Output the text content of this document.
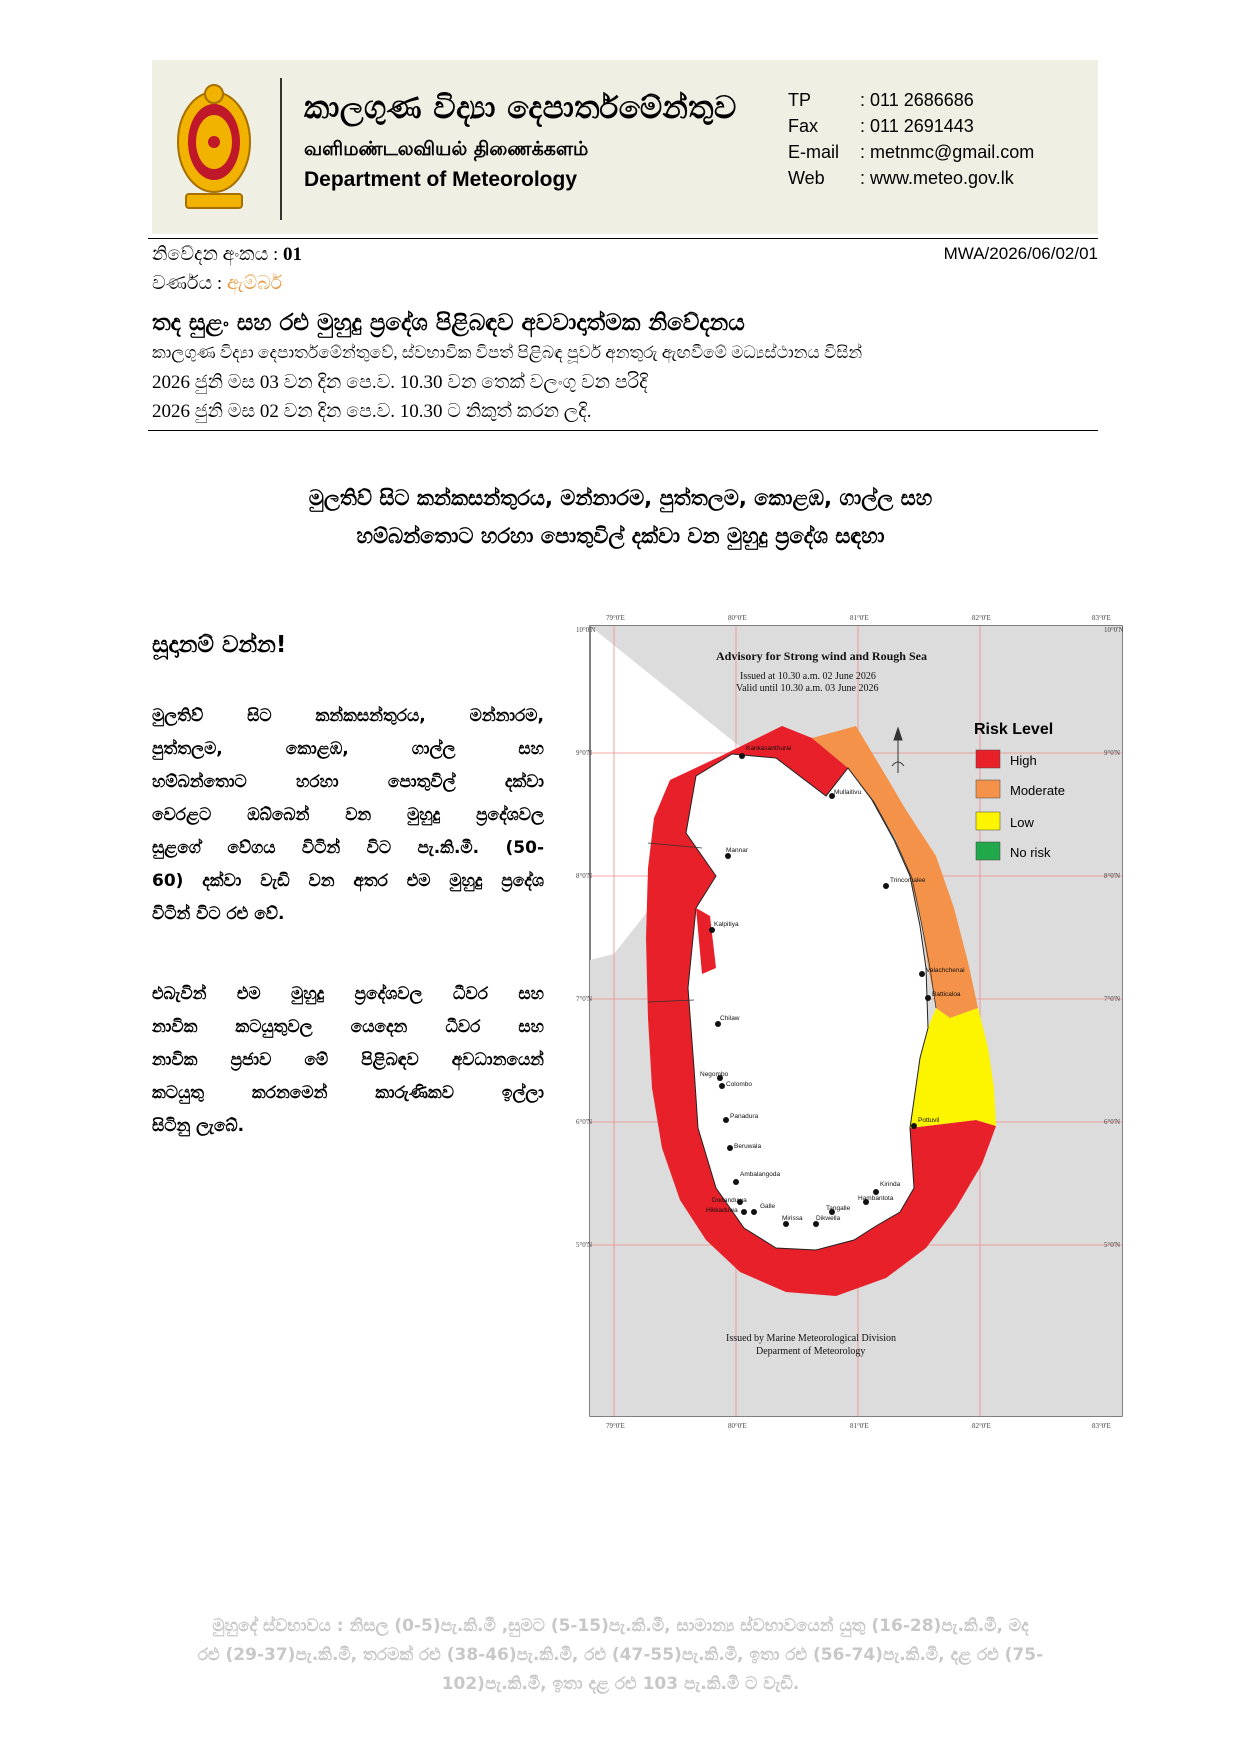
කාලගුණ විද්‍යා දෙපාර්තමේන්තුව
வளிமண்டலவியல் திணைக்களம்
Department of Meteorology
TP	: 011 2686686
Fax : 011 2691443
E-mail : metnmc@gmail.com
Web : www.meteo.gov.lk
නිවේදන අංකය : 01	MWA/2026/06/02/01
වර්ණය : ඇම්බර්
තද සුළං සහ රළු මුහුදු ප්‍රදේශ පිළිබඳව අවවාදාත්මක නිවේදනය
කාලගුණ විද්‍යා දෙපාර්තමේන්තුවේ, ස්වභාවික විපත් පිළිබඳ පූර්ව අනතුරු ඇඟවීමේ මධ්‍යස්ථානය විසින්
2026 ජුනි මස 03 වන දින පෙ.ව. 10.30 වන තෙක් වලංගු වන පරිදි
2026 ජුනි මස 02 වන දින පෙ.ව. 10.30 ට නිකුත් කරන ලදි.
මුලතිව් සිට කන්කසන්තුරය, මන්නාරම, පුත්තලම, කොළඹ, ගාල්ල සහ
හම්බන්තොට හරහා පොතුවිල් දක්වා වන මුහුදු ප්‍රදේශ සඳහා
සූදානම් වන්න!
මුලතිව් සිට කන්කසන්තුරය, මන්නාරම,
පුත්තලම, කොළඹ, ගාල්ල සහ
හම්බන්තොට හරහා පොතුවිල් දක්වා
වෙරළට ඔබ්බෙන් වන මුහුදු ප්‍රදේශවල
සුළගේ වේගය විටින් විට පැ.කි.මී. (50-
60) දක්වා වැඩි වන අතර එම මුහුදු ප්‍රදේශ
විටින් විට රළු වේ.
එබැවින් එම මුහුදු ප්‍රදේශවල ධීවර සහ
නාවික කටයුතුවල යෙදෙන ධීවර සහ
නාවික ප්‍රජාව මේ පිළිබඳව අවධානයෙන්
කටයුතු කරනමෙන් කාරුණිකව ඉල්ලා
සිටිනු ලැබේ.
79°0'E	80°0'E	81°0'E	82°0'E	83°0'E
79°0'E	80°0'E	81°0'E	82°0'E	83°0'E
10°0'N
9°0'N
8°0'N
7°0'N
6°0'N
5°0'N
10°0'N
9°0'N
8°0'N
7°0'N
6°0'N
5°0'N
Kankasanthurai
Mullaitivu
Mannar
Trincomalee
Kalpitiya
Valachchenai
Batticaloa
Chilaw
Negombo
Colombo
Pottuvil
Panadura
Beruwala
Ambalangoda
Kirinda
Hambantota
Dodanduwa
Hikkaduwa
Galle	Tangalle
Mirissa Dikwella
Advisory for Strong wind and Rough Sea
Issued at 10.30 a.m. 02 June 2026
Valid until 10.30 a.m. 03 June 2026
Issued by Marine Meteorological Division
Deparment of Meteorology
Risk Level
High
Moderate
Low
No risk
මුහුදේ ස්වභාවය : නිසල (0-5)පැ.කි.මී ,සුමට (5-15)පැ.කි.මී, සාමාන්‍ය ස්වභාවයෙන් යුතු (16-28)පැ.කි.මී, මද
රළු (29-37)පැ.කි.මී, තරමක් රළු (38-46)පැ.කි.මී, රළු (47-55)පැ.කි.මී, ඉතා රළු (56-74)පැ.කි.මී, දළ රළු (75-
102)පැ.කි.මී, ඉතා දළ රළු 103 පැ.කි.මී ට වැඩි.
